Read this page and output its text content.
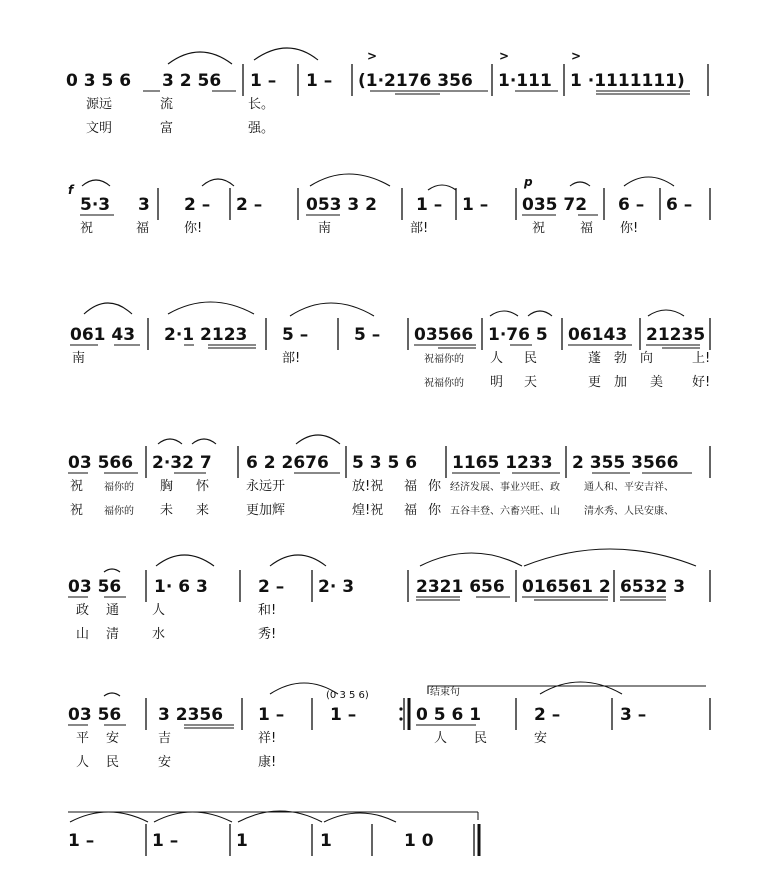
0 3 5 6 3 2 56 1 – 1 – (1·2176 356 1·111 1 ·1111111)
>	>	>
源远	流	长。
文明	富	强。
f
5·3 3 2 – 2 –	053 3 2 1 – 1 –
p
035 72 6 – 6 –
祝	福	你!	南	部!	祝	福 你!
061 43 2·1 2123 5 –	5 – 03566 1·76 5 06143 21235
南	部!	祝福你的 人 民	蓬 勃 向	上!
祝福你的 明 天	更 加 美 好!
03 566 2·32 7 6 2 2676 5 3 5 6 1165 1233 2 355 3566
祝 福你的 胸 怀	永远开	放!祝 福 你 经济发展、事业兴旺、政 通人和、平安吉祥、
祝 福你的 未 来	更加辉	煌!祝 福 你 五谷丰登、六畜兴旺、山 清水秀、人民安康、
03 56 1· 6 3	2 – 2· 3	2321 656 016561 2 6532 3
政 通	人	和!
山 清	水	秀!
03 56 3 2356 1 –	1 –
(0 3 5 6)	结束句
0 5 6 1	2 –	3 –
平 安	吉	祥!	人 民	安
人 民	安	康!
1 –	1 –	1	1	1 0
